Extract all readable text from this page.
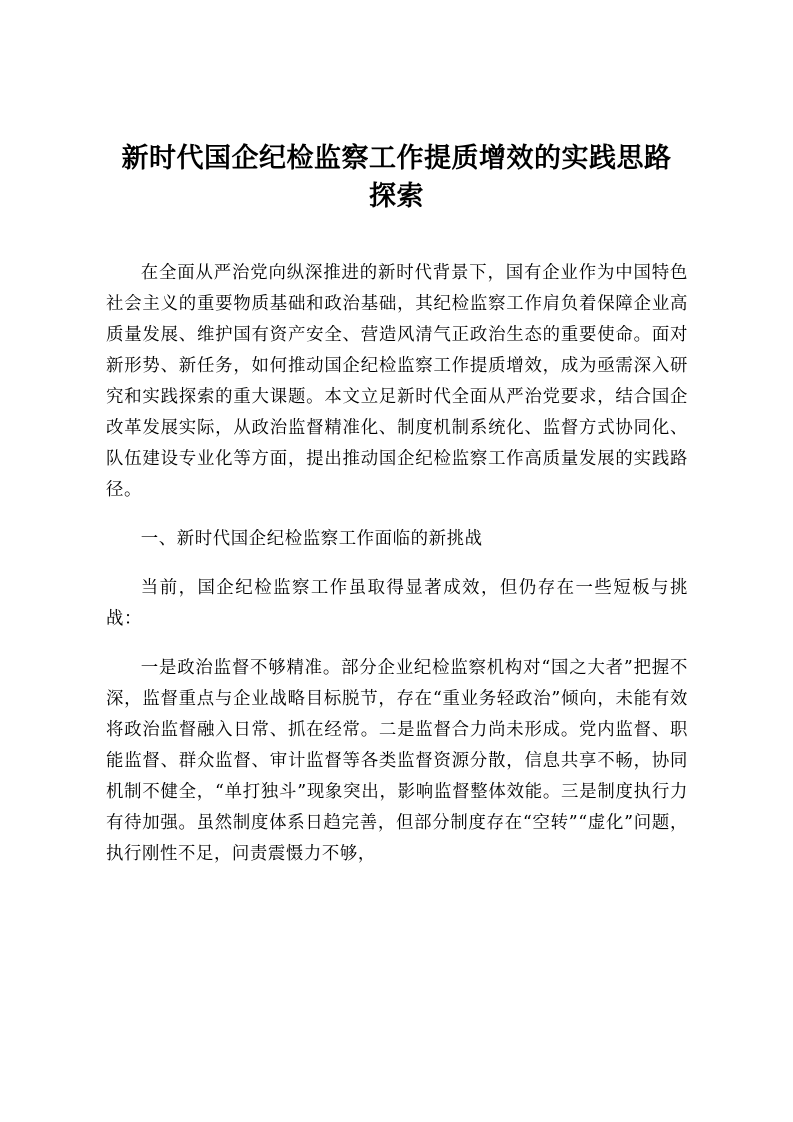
新时代国企纪检监察工作提质增效的实践思路探索

在全面从严治党向纵深推进的新时代背景下，国有企业作为中国特色社会主义的重要物质基础和政治基础，其纪检监察工作肩负着保障企业高质量发展、维护国有资产安全、营造风清气正政治生态的重要使命。面对新形势、新任务，如何推动国企纪检监察工作提质增效，成为亟需深入研究和实践探索的重大课题。本文立足新时代全面从严治党要求，结合国企改革发展实际，从政治监督精准化、制度机制系统化、监督方式协同化、队伍建设专业化等方面，提出推动国企纪检监察工作高质量发展的实践路径。

一、新时代国企纪检监察工作面临的新挑战

当前，国企纪检监察工作虽取得显著成效，但仍存在一些短板与挑战：

一是政治监督不够精准。部分企业纪检监察机构对“国之大者”把握不深，监督重点与企业战略目标脱节，存在“重业务轻政治”倾向，未能有效将政治监督融入日常、抓在经常。二是监督合力尚未形成。党内监督、职能监督、群众监督、审计监督等各类监督资源分散，信息共享不畅，协同机制不健全，“单打独斗”现象突出，影响监督整体效能。三是制度执行力有待加强。虽然制度体系日趋完善，但部分制度存在“空转”“虚化”问题，执行刚性不足，问责震慑力不够，
